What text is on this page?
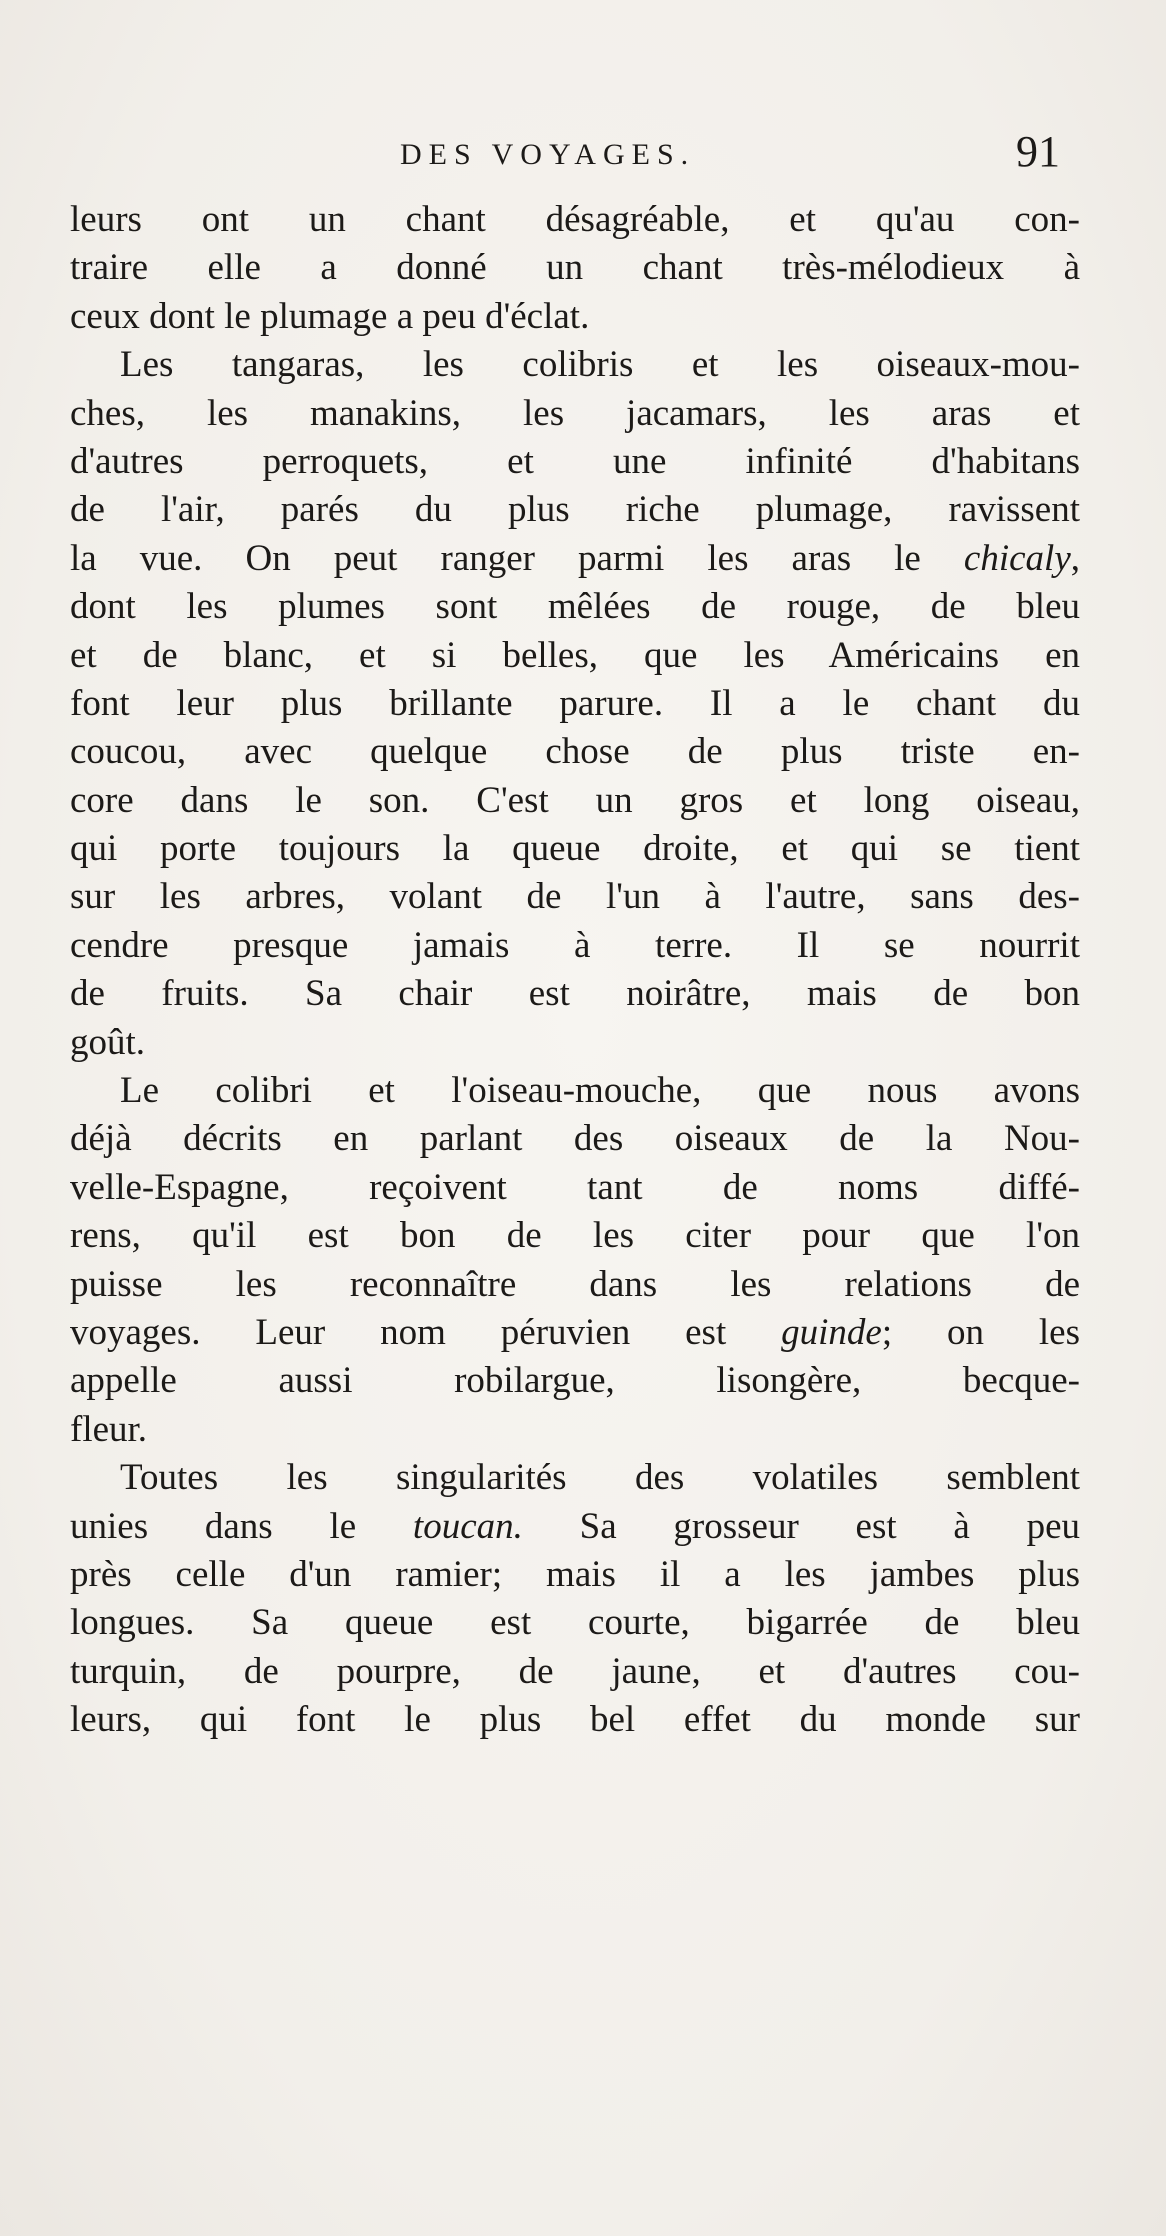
DES VOYAGES.	91
leurs ont un chant désagréable, et qu'au con-
traire elle a donné un chant très-mélodieux à
ceux dont le plumage a peu d'éclat.
Les tangaras, les colibris et les oiseaux-mou-
ches, les manakins, les jacamars, les aras et
d'autres perroquets, et une infinité d'habitans
de l'air, parés du plus riche plumage, ravissent
la vue. On peut ranger parmi les aras le chicaly,
dont les plumes sont mêlées de rouge, de bleu
et de blanc, et si belles, que les Américains en
font leur plus brillante parure. Il a le chant du
coucou, avec quelque chose de plus triste en-
core dans le son. C'est un gros et long oiseau,
qui porte toujours la queue droite, et qui se tient
sur les arbres, volant de l'un à l'autre, sans des-
cendre presque jamais à terre. Il se nourrit
de fruits. Sa chair est noirâtre, mais de bon
goût.
Le colibri et l'oiseau-mouche, que nous avons
déjà décrits en parlant des oiseaux de la Nou-
velle-Espagne, reçoivent tant de noms diffé-
rens, qu'il est bon de les citer pour que l'on
puisse les reconnaître dans les relations de
voyages. Leur nom péruvien est guinde; on les
appelle aussi robilargue, lisongère, becque-
fleur.
Toutes les singularités des volatiles semblent
unies dans le toucan. Sa grosseur est à peu
près celle d'un ramier; mais il a les jambes plus
longues. Sa queue est courte, bigarrée de bleu
turquin, de pourpre, de jaune, et d'autres cou-
leurs, qui font le plus bel effet du monde sur
